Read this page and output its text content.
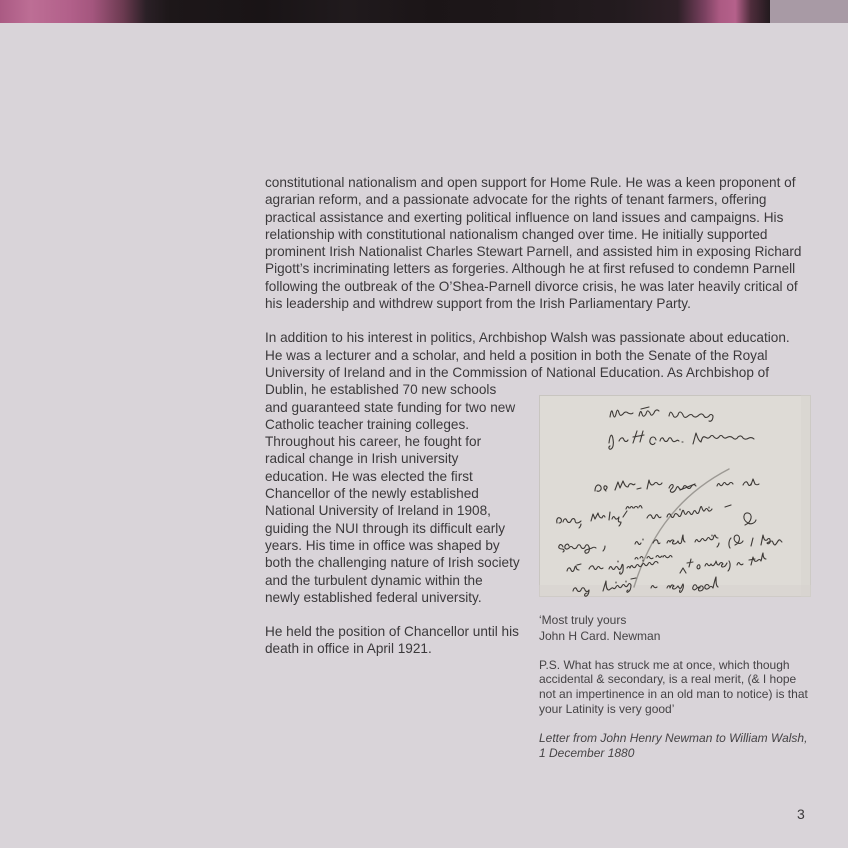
constitutional nationalism and open support for Home Rule. He was a keen proponent of agrarian reform, and a passionate advocate for the rights of tenant farmers, offering practical assistance and exerting political influence on land issues and campaigns. His relationship with constitutional nationalism changed over time. He initially supported prominent Irish Nationalist Charles Stewart Parnell, and assisted him in exposing Richard Pigott’s incriminating letters as forgeries. Although he at first refused to condemn Parnell following the outbreak of the O’Shea-Parnell divorce crisis, he was later heavily critical of his leadership and withdrew support from the Irish Parliamentary Party.

‘Most truly yours
John H Card. Newman
P.S. What has struck me at once, which though accidental & secondary, is a real merit, (& I hope not an impertinence in an old man to notice) is that your Latinity is very good’
Letter from John Henry Newman to William Walsh, 1 December 1880
In addition to his interest in politics, Archbishop Walsh was passionate about education. He was a lecturer and a scholar, and held a position in both the Senate of the Royal University of Ireland and in the Commission of National Education. As Archbishop of Dublin, he established 70 new schools and guaranteed state funding for two new Catholic teacher training colleges. Throughout his career, he fought for radical change in Irish university education. He was elected the first Chancellor of the newly established National University of Ireland in 1908, guiding the NUI through its difficult early years. His time in office was shaped by both the challenging nature of Irish society and the turbulent dynamic within the newly established federal university.

He held the position of Chancellor until his death in office in April 1921.

3
